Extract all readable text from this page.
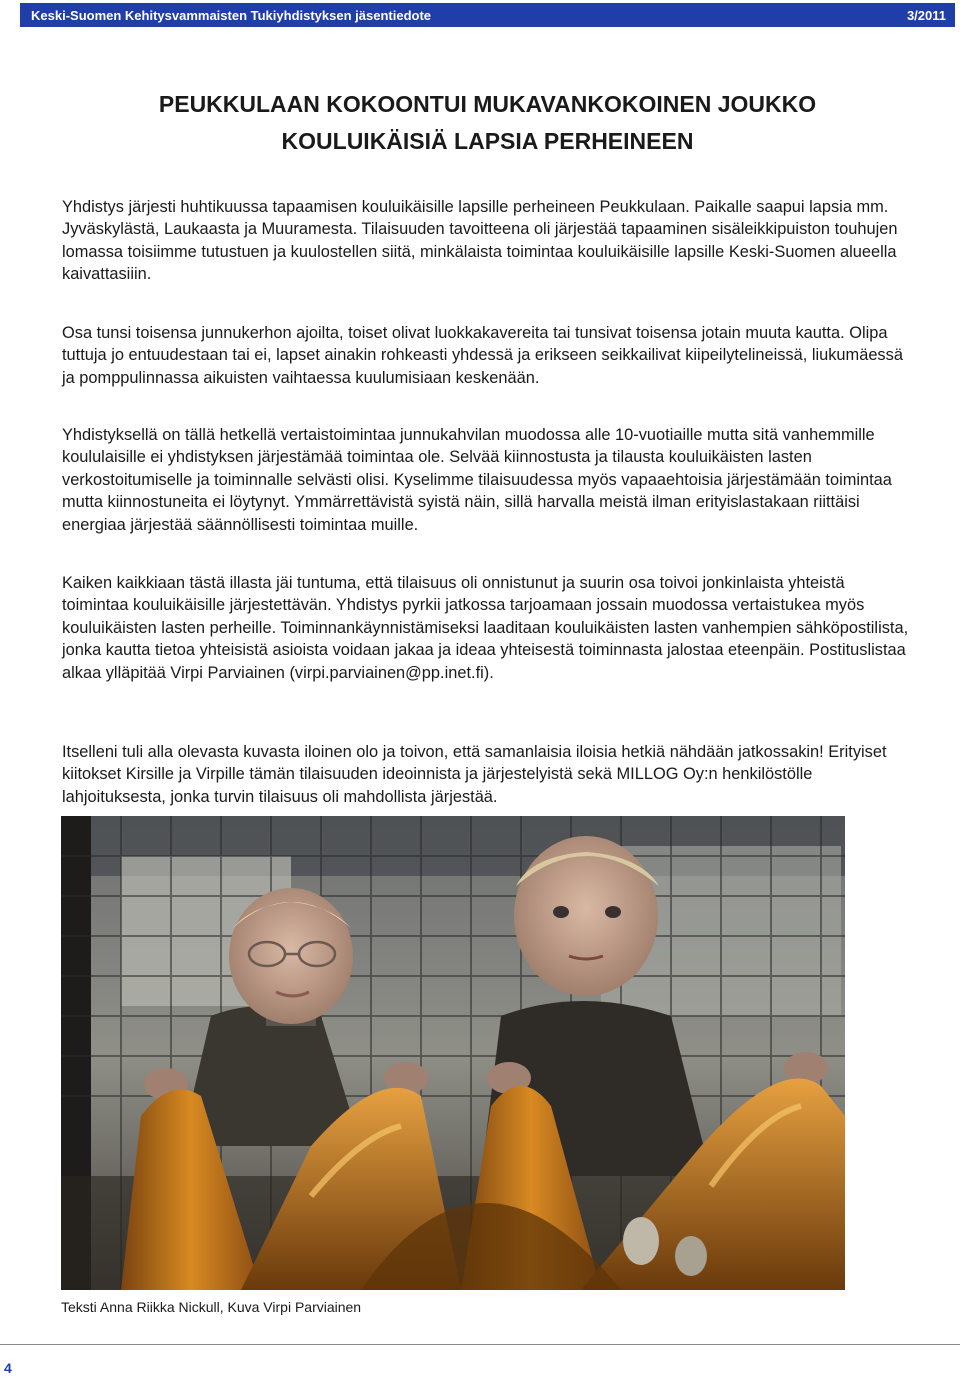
Keski-Suomen Kehitysvammaisten Tukiyhdistyksen jäsentiedote	3/2011
PEUKKULAAN KOKOONTUI MUKAVANKOKOINEN JOUKKO
KOULUIKÄISIÄ LAPSIA PERHEINEEN

Yhdistys järjesti huhtikuussa tapaamisen kouluikäisille lapsille perheineen Peukkulaan. Paikalle saapui lapsia mm. Jyväskylästä, Laukaasta ja Muuramesta. Tilaisuuden tavoitteena oli järjestää tapaaminen sisäleikkipuiston touhujen lomassa toisiimme tutustuen ja kuulostellen siitä, minkälaista toimintaa kouluikäisille lapsille Keski-Suomen alueella kaivattasiiin.

Osa tunsi toisensa junnukerhon ajoilta, toiset olivat luokkakavereita tai tunsivat toisensa jotain muuta kautta. Olipa tuttuja jo entuudestaan tai ei, lapset ainakin rohkeasti yhdessä ja erikseen seikkailivat kiipeilytelineissä, liukumäessä ja pomppulinnassa aikuisten vaihtaessa kuulumisiaan keskenään.

Yhdistyksellä on tällä hetkellä vertaistoimintaa junnukahvilan muodossa alle 10-vuotiaille mutta sitä vanhemmille koululaisille ei yhdistyksen järjestämää toimintaa ole. Selvää kiinnostusta ja tilausta kouluikäisten lasten verkostoitumiselle ja toiminnalle selvästi olisi. Kyselimme tilaisuudessa myös vapaaehtoisia järjestämään toimintaa mutta kiinnostuneita ei löytynyt. Ymmärrettävistä syistä näin, sillä harvalla meistä ilman erityislastakaan riittäisi energiaa järjestää säännöllisesti toimintaa muille.

Kaiken kaikkiaan tästä illasta jäi tuntuma, että tilaisuus oli onnistunut ja suurin osa toivoi jonkinlaista yhteistä toimintaa kouluikäisille järjestettävän. Yhdistys pyrkii jatkossa tarjoamaan jossain muodossa vertaistukea myös kouluikäisten lasten perheille. Toiminnankäynnistämiseksi laaditaan kouluikäisten lasten vanhempien sähköpostilista, jonka kautta tietoa yhteisistä asioista voidaan jakaa ja ideaa yhteisestä toiminnasta jalostaa eteenpäin. Postituslistaa alkaa ylläpitää Virpi Parviainen (virpi.parviainen@pp.inet.fi).

Itselleni tuli alla olevasta kuvasta iloinen olo ja toivon, että samanlaisia iloisia hetkiä nähdään jatkossakin! Erityiset kiitokset Kirsille ja Virpille tämän tilaisuuden ideoinnista ja järjestelyistä sekä MILLOG Oy:n henkilöstölle lahjoituksesta, jonka turvin tilaisuus oli mahdollista järjestää.

Teksti Anna Riikka Nickull, Kuva Virpi Parviainen
4
